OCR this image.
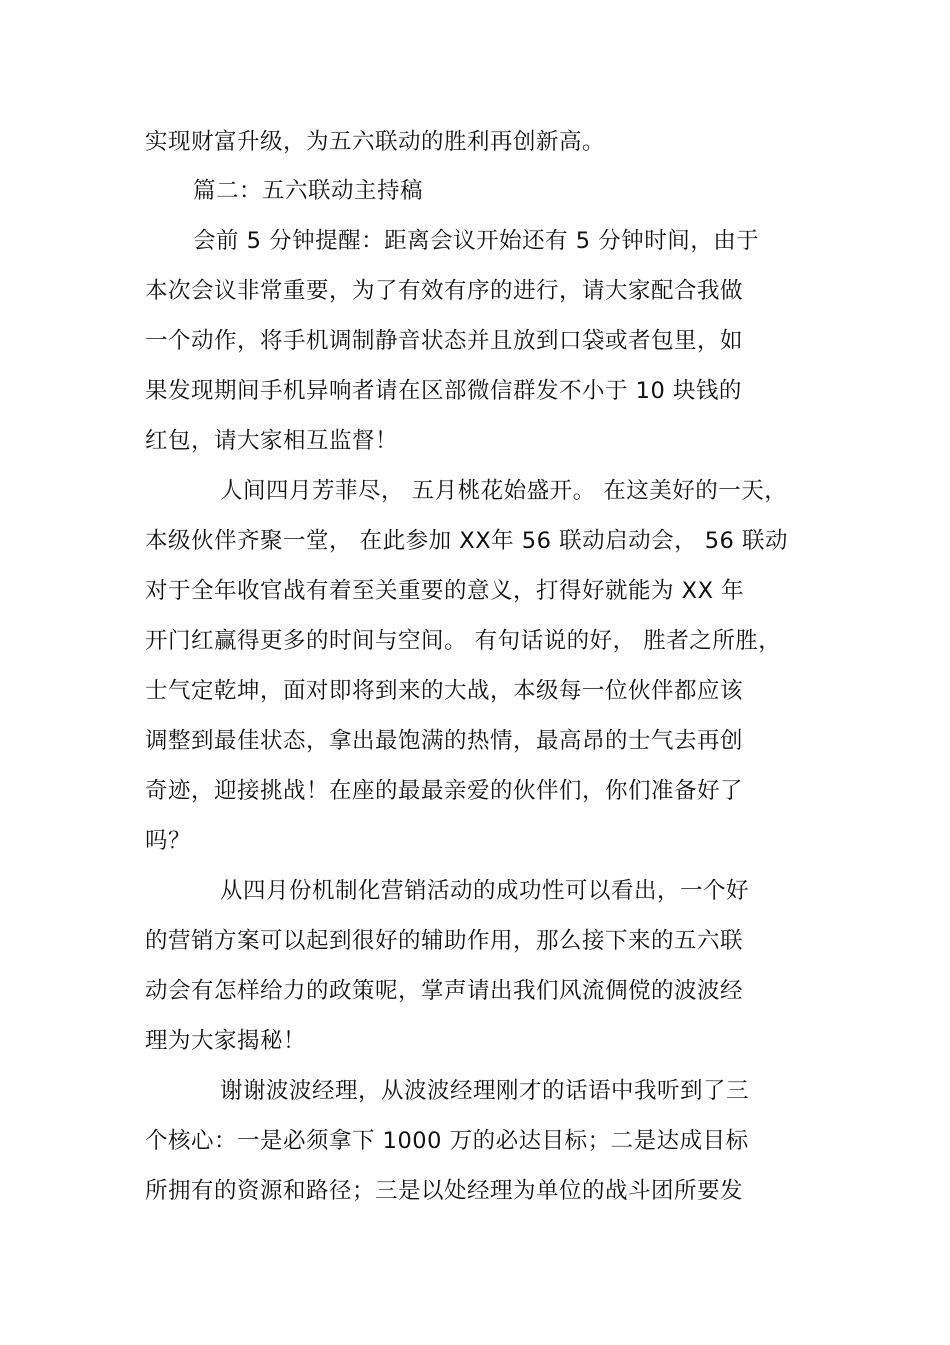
实现财富升级，为五六联动的胜利再创新高。
篇二：五六联动主持稿
会前 5 分钟提醒：距离会议开始还有 5 分钟时间，由于
本次会议非常重要，为了有效有序的进行，请大家配合我做
一个动作，将手机调制静音状态并且放到口袋或者包里，如
果发现期间手机异响者请在区部微信群发不小于 10 块钱的
红包，请大家相互监督！
人间四月芳菲尽， 五月桃花始盛开。 在这美好的一天，
本级伙伴齐聚一堂， 在此参加 XX年 56 联动启动会， 56 联动
对于全年收官战有着至关重要的意义，打得好就能为 XX 年
开门红赢得更多的时间与空间。 有句话说的好， 胜者之所胜，
士气定乾坤，面对即将到来的大战，本级每一位伙伴都应该
调整到最佳状态，拿出最饱满的热情，最高昂的士气去再创
奇迹，迎接挑战！在座的最最亲爱的伙伴们，你们准备好了
吗？
从四月份机制化营销活动的成功性可以看出，一个好
的营销方案可以起到很好的辅助作用，那么接下来的五六联
动会有怎样给力的政策呢，掌声请出我们风流倜傥的波波经
理为大家揭秘！
谢谢波波经理，从波波经理刚才的话语中我听到了三
个核心：一是必须拿下 1000 万的必达目标；二是达成目标
所拥有的资源和路径；三是以处经理为单位的战斗团所要发
